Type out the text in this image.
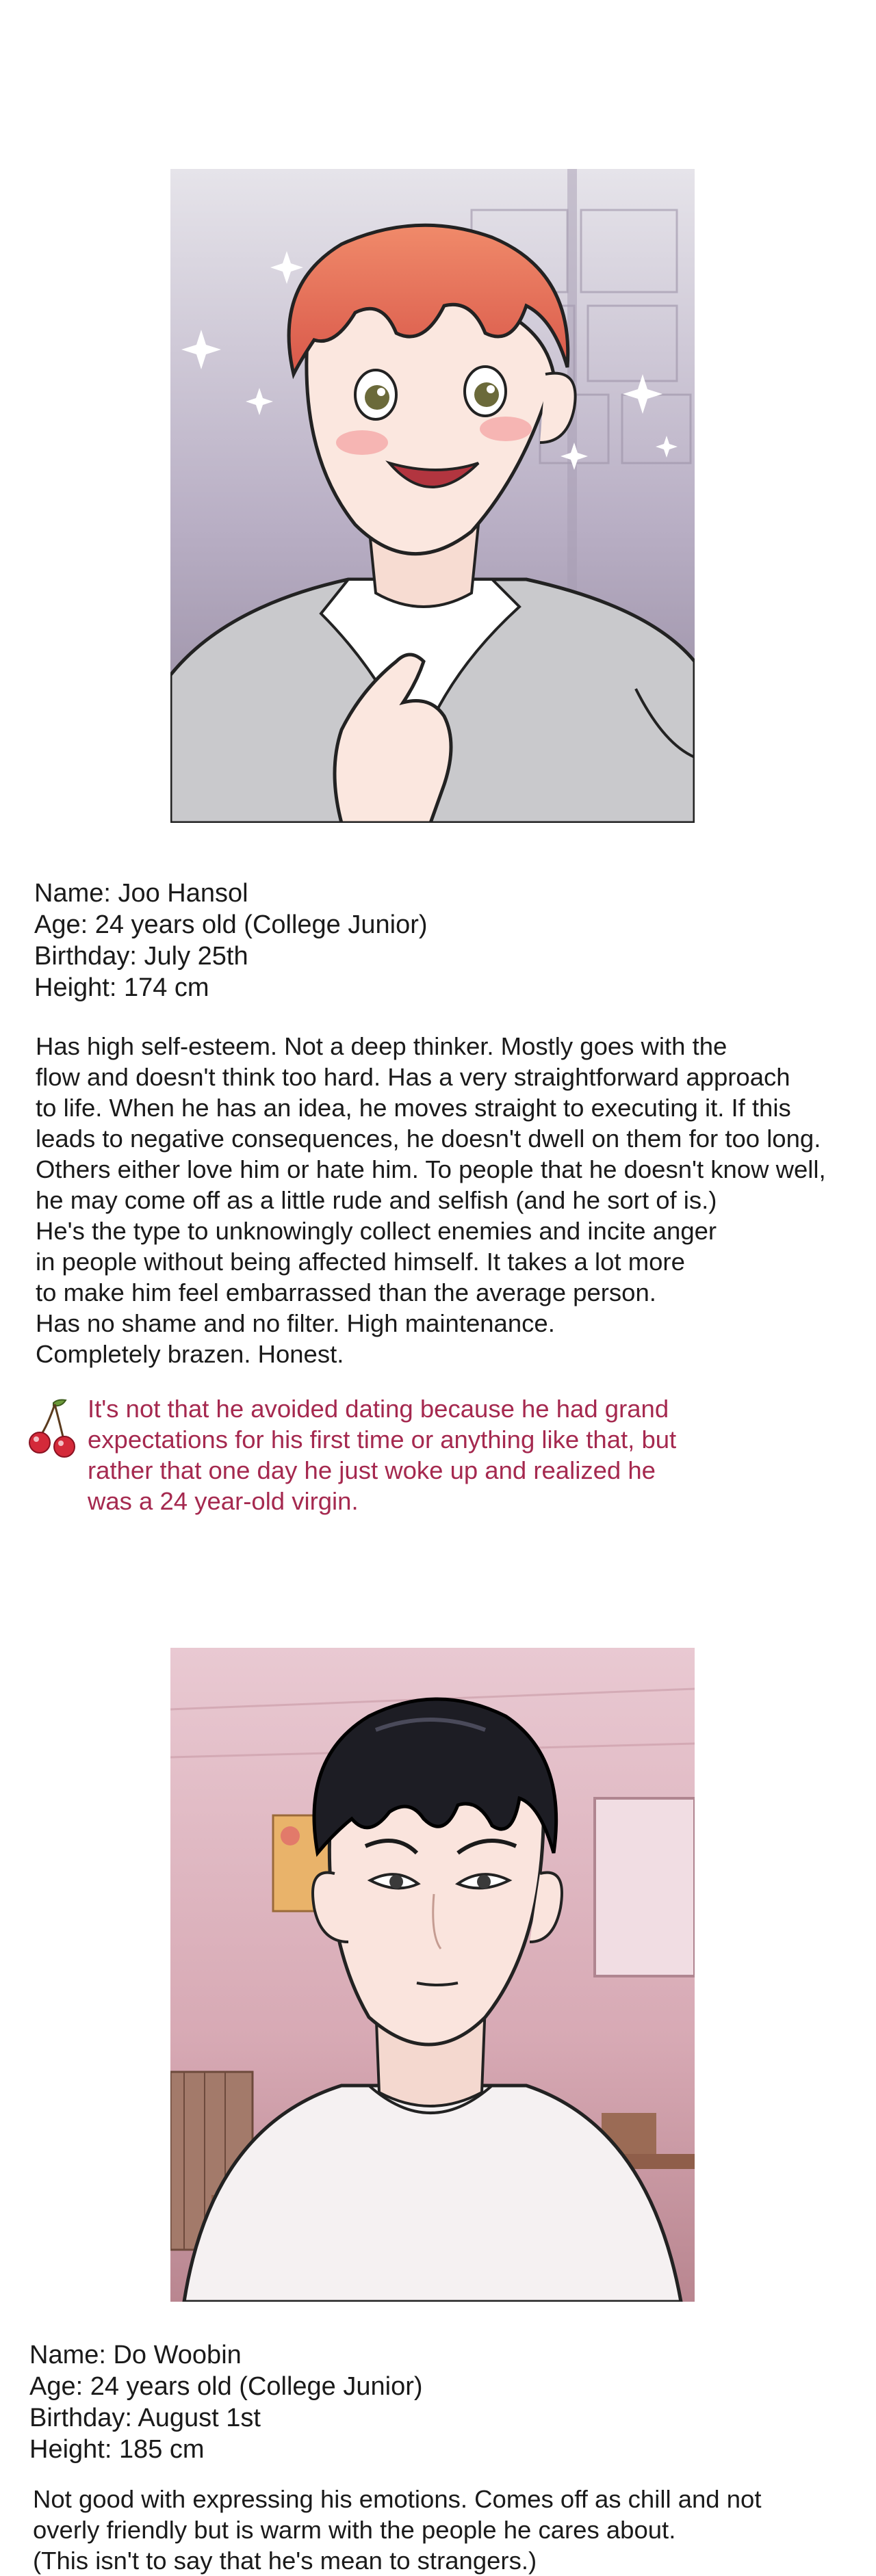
Name: Joo Hansol
Age: 24 years old (College Junior)
Birthday: July 25th
Height: 174 cm
Has high self-esteem. Not a deep thinker. Mostly goes with the
flow and doesn't think too hard. Has a very straightforward approach
to life. When he has an idea, he moves straight to executing it. If this
leads to negative consequences, he doesn't dwell on them for too long.
Others either love him or hate him. To people that he doesn't know well,
he may come off as a little rude and selfish (and he sort of is.)
He's the type to unknowingly collect enemies and incite anger
in people without being affected himself. It takes a lot more
to make him feel embarrassed than the average person.
Has no shame and no filter. High maintenance.
Completely brazen. Honest.
It's not that he avoided dating because he had grand
expectations for his first time or anything like that, but
rather that one day he just woke up and realized he
was a 24 year-old virgin.
Name: Do Woobin
Age: 24 years old (College Junior)
Birthday: August 1st
Height: 185 cm
Not good with expressing his emotions. Comes off as chill and not
overly friendly but is warm with the people he cares about.
(This isn't to say that he's mean to strangers.)
